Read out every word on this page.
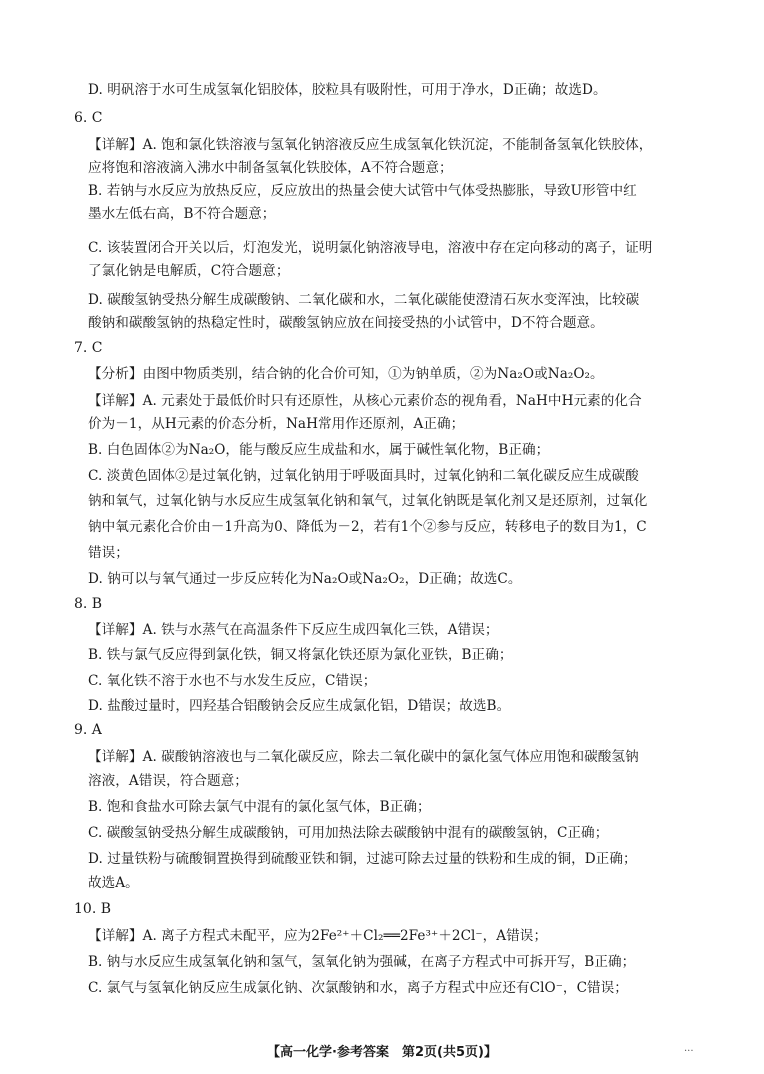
D. 明矾溶于水可生成氢氧化铝胶体，胶粒具有吸附性，可用于净水，D正确；故选D。
6. C
【详解】A. 饱和氯化铁溶液与氢氧化钠溶液反应生成氢氧化铁沉淀，不能制备氢氧化铁胶体，
应将饱和溶液滴入沸水中制备氢氧化铁胶体，A不符合题意；
B. 若钠与水反应为放热反应，反应放出的热量会使大试管中气体受热膨胀，导致U形管中红
墨水左低右高，B不符合题意；
C. 该装置闭合开关以后，灯泡发光，说明氯化钠溶液导电，溶液中存在定向移动的离子，证明
了氯化钠是电解质，C符合题意；
D. 碳酸氢钠受热分解生成碳酸钠、二氧化碳和水，二氧化碳能使澄清石灰水变浑浊，比较碳
酸钠和碳酸氢钠的热稳定性时，碳酸氢钠应放在间接受热的小试管中，D不符合题意。
7. C
【分析】由图中物质类别，结合钠的化合价可知，①为钠单质，②为Na₂O或Na₂O₂。
【详解】A. 元素处于最低价时只有还原性，从核心元素价态的视角看，NaH中H元素的化合
价为－1，从H元素的价态分析，NaH常用作还原剂，A正确；
B. 白色固体②为Na₂O，能与酸反应生成盐和水，属于碱性氧化物，B正确；
C. 淡黄色固体②是过氧化钠，过氧化钠用于呼吸面具时，过氧化钠和二氧化碳反应生成碳酸
钠和氧气，过氧化钠与水反应生成氢氧化钠和氧气，过氧化钠既是氧化剂又是还原剂，过氧化
钠中氧元素化合价由－1升高为0、降低为－2，若有1个②参与反应，转移电子的数目为1，C
错误；
D. 钠可以与氧气通过一步反应转化为Na₂O或Na₂O₂，D正确；故选C。
8. B
【详解】A. 铁与水蒸气在高温条件下反应生成四氧化三铁，A错误；
B. 铁与氯气反应得到氯化铁，铜又将氯化铁还原为氯化亚铁，B正确；
C. 氧化铁不溶于水也不与水发生反应，C错误；
D. 盐酸过量时，四羟基合铝酸钠会反应生成氯化铝，D错误；故选B。
9. A
【详解】A. 碳酸钠溶液也与二氧化碳反应，除去二氧化碳中的氯化氢气体应用饱和碳酸氢钠
溶液，A错误，符合题意；
B. 饱和食盐水可除去氯气中混有的氯化氢气体，B正确；
C. 碳酸氢钠受热分解生成碳酸钠，可用加热法除去碳酸钠中混有的碳酸氢钠，C正确；
D. 过量铁粉与硫酸铜置换得到硫酸亚铁和铜，过滤可除去过量的铁粉和生成的铜，D正确；
故选A。
10. B
【详解】A. 离子方程式未配平，应为2Fe²⁺＋Cl₂══2Fe³⁺＋2Cl⁻，A错误；
B. 钠与水反应生成氢氧化钠和氢气，氢氧化钠为强碱，在离子方程式中可拆开写，B正确；
C. 氯气与氢氧化钠反应生成氯化钠、次氯酸钠和水，离子方程式中应还有ClO⁻，C错误；
【高一化学·参考答案　第2页(共5页)】	...
